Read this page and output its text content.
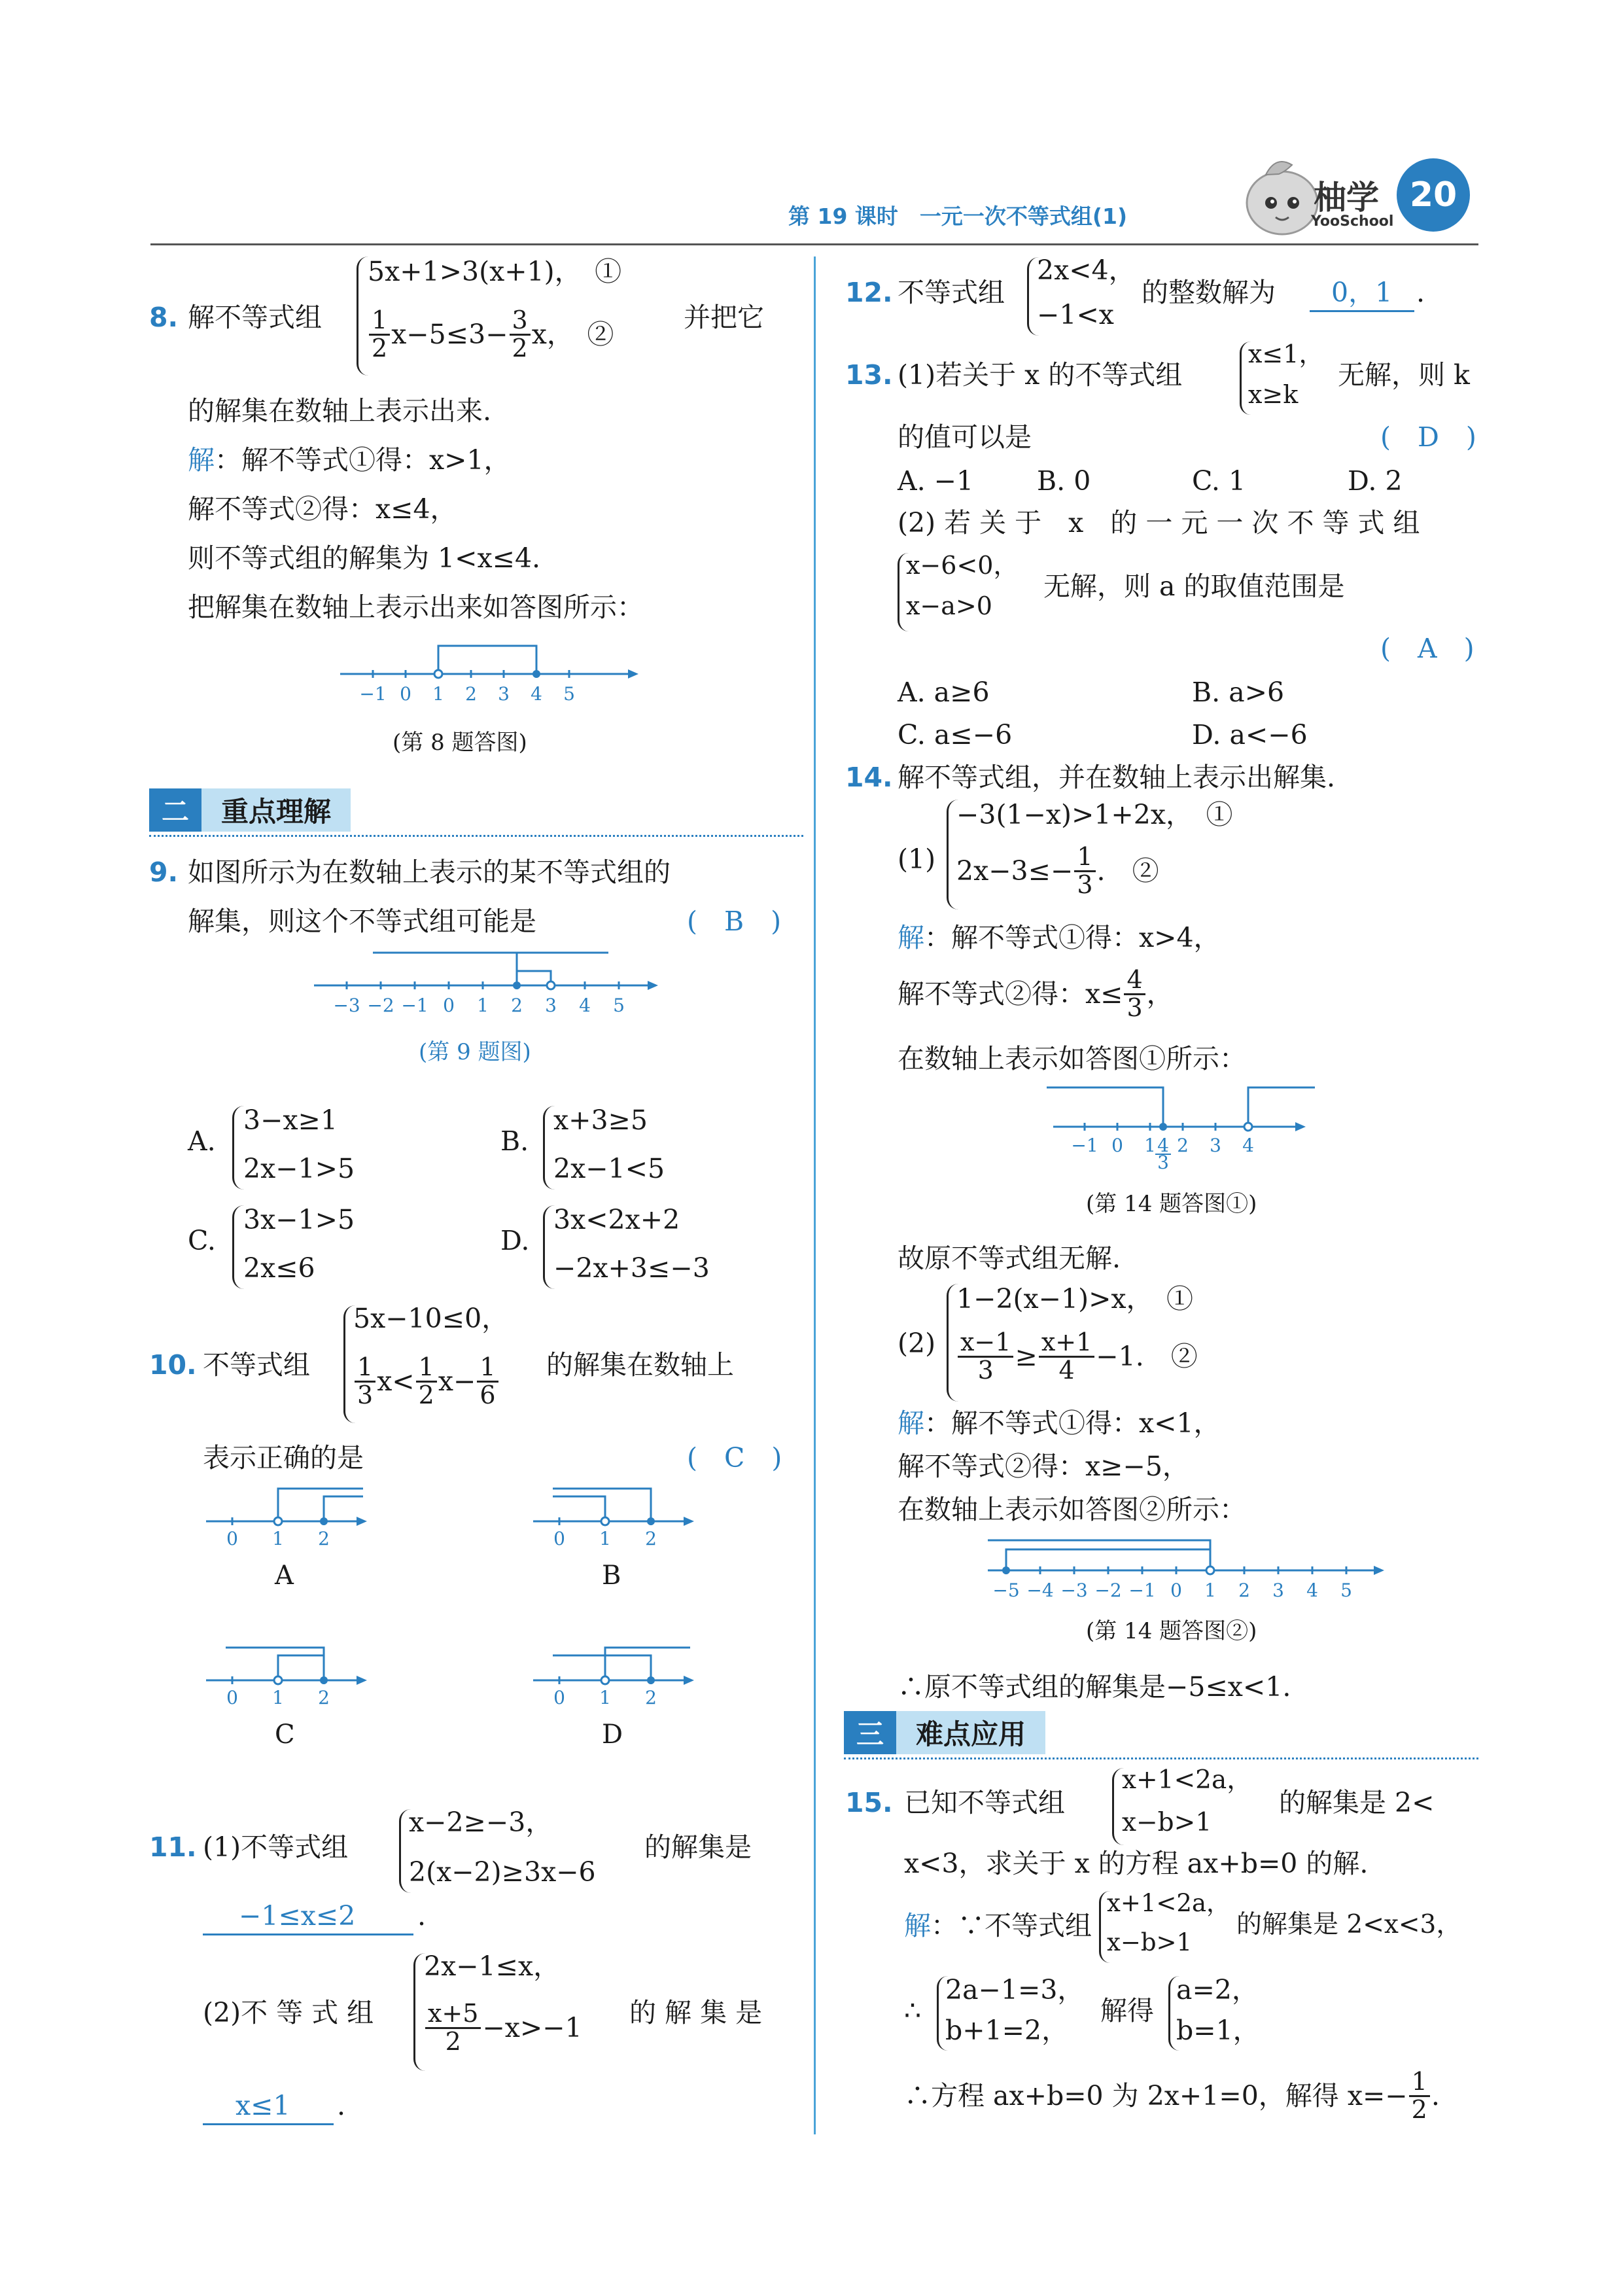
第 19 课时　一元一次不等式组(1)	柚学
YooSchool
20
8. 解不等式组
5x+1>3(x+1)，　①
$\frac{1}{2} x-5\le 3- \frac{3}{2}$ x，　②
并把它
的解集在数轴上表示出来.
解：解不等式①得：x>1，
解不等式②得：x≤4，
则不等式组的解集为 1<x≤4.
把解集在数轴上表示出来如答图所示：
−1 0 1 2 3 4 5
(第 8 题答图)
二	重点理解
9. 如图所示为在数轴上表示的某不等式组的
解集，则这个不等式组可能是	(　B　)
−3 −2 −1 0 1 2 3 4 5
(第 9 题图)
A.
3−x≥1
2x−1>5
B.
x+3≥5
2x−1<5
C.
3x−1>5
2x≤6
D.
3x<2x+2
−2x+3≤−3
10. 不等式组
5x−10≤0，
$\frac{1}{3} x< \frac{1}{2} x- \frac{1}{6}$ 的解集在数轴上
表示正确的是	(　C　)
0 1 2
A
0 1 2
B
0 1 2
C
0 1 2
D
11. (1)不等式组
x−2≥−3，
2(x−2)≥3x−6
的解集是
−1≤x≤2 .
(2)不 等 式 组
2x−1≤x，
$\frac{x+5}{2} -x>-1$ 的 解 集 是
x≤1 .
12. 不等式组
2x<4，
−1<x
的整数解为 0，1 .
13. (1)若关于 x 的不等式组
x≤1，
x≥k
无解，则 k
的值可以是	(　D　)
A. −1 B. 0	C. 1	D. 2
(2) 若 关 于　x　的 一 元 一 次 不 等 式 组
x−6<0，
x−a>0
无解，则 a 的取值范围是
(　A　)
A. a≥6	B. a>6
C. a≤−6	D. a<−6
14. 解不等式组，并在数轴上表示出解集.
(1)
−3(1−x)>1+2x，　①
$2x-3\le- \frac{1}{3}$ .　②
解：解不等式①得：x>4，
解不等式②得：$x\le \frac{4}{3}$ ，
在数轴上表示如答图①所示：
−1 0 1 4
3
2 3 4
(第 14 题答图①)
故原不等式组无解.
(2)
1−2(x−1)>x，　①
$\frac{x-1}{3} \ge \frac{x+1}{4} -1$.　②
解：解不等式①得：x<1，
解不等式②得：x≥−5，
在数轴上表示如答图②所示：
−5 −4 −3 −2 −1 0 1 2 3 4 5
(第 14 题答图②)
∴原不等式组的解集是−5≤x<1.
三	难点应用
15. 已知不等式组
x+1<2a，
x−b>1
的解集是 2<
x<3，求关于 x 的方程 ax+b=0 的解.
解：∵不等式组
x+1<2a，
x−b>1
的解集是 2<x<3，
∴
2a−1=3，
b+1=2，
解得
a=2，
b=1，
∴方程 ax+b=0 为 2x+1=0，解得 $x=- \frac{1}{2}$ .
